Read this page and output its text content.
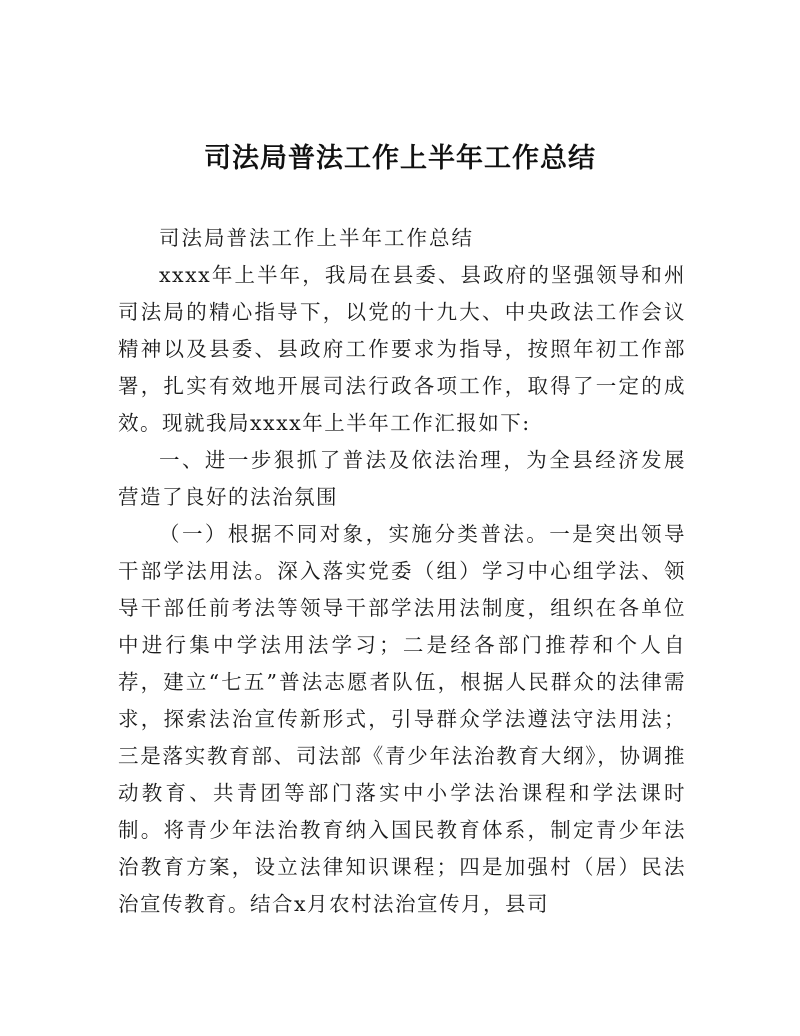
司法局普法工作上半年工作总结

司法局普法工作上半年工作总结

xxxx年上半年，我局在县委、县政府的坚强领导和州司法局的精心指导下，以党的十九大、中央政法工作会议精神以及县委、县政府工作要求为指导，按照年初工作部署，扎实有效地开展司法行政各项工作，取得了一定的成效。现就我局xxxx年上半年工作汇报如下:

一、进一步狠抓了普法及依法治理，为全县经济发展营造了良好的法治氛围

（一）根据不同对象，实施分类普法。一是突出领导干部学法用法。深入落实党委（组）学习中心组学法、领导干部任前考法等领导干部学法用法制度，组织在各单位中进行集中学法用法学习；二是经各部门推荐和个人自荐，建立“七五”普法志愿者队伍，根据人民群众的法律需求，探索法治宣传新形式，引导群众学法遵法守法用法；三是落实教育部、司法部《青少年法治教育大纲》，协调推动教育、共青团等部门落实中小学法治课程和学法课时制。将青少年法治教育纳入国民教育体系，制定青少年法治教育方案，设立法律知识课程；四是加强村（居）民法治宣传教育。结合x月农村法治宣传月，县司
